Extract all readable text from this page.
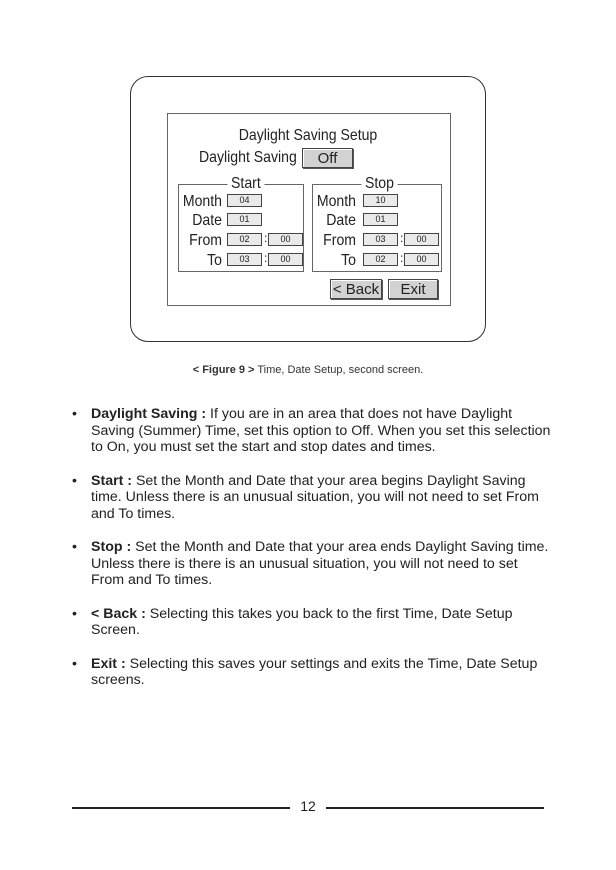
Daylight Saving Setup
Daylight Saving	Off
Start
Month	04
Date	01
From	02	:	00
To	03	:	00
Stop
Month	10
Date	01
From	03	:	00
To	02	:	00
< Back	Exit
< Figure 9 > Time, Date Setup, second screen.
• Daylight Saving : If you are in an area that does not have Daylight Saving (Summer) Time, set this option to Off. When you set this selection to On, you must set the start and stop dates and times.
• Start : Set the Month and Date that your area begins Daylight Saving time. Unless there is an unusual situation, you will not need to set From and To times.
• Stop : Set the Month and Date that your area ends Daylight Saving time. Unless there is there is an unusual situation, you will not need to set From and To times.
• < Back : Selecting this takes you back to the first Time, Date Setup Screen.
• Exit : Selecting this saves your settings and exits the Time, Date Setup screens.
12
